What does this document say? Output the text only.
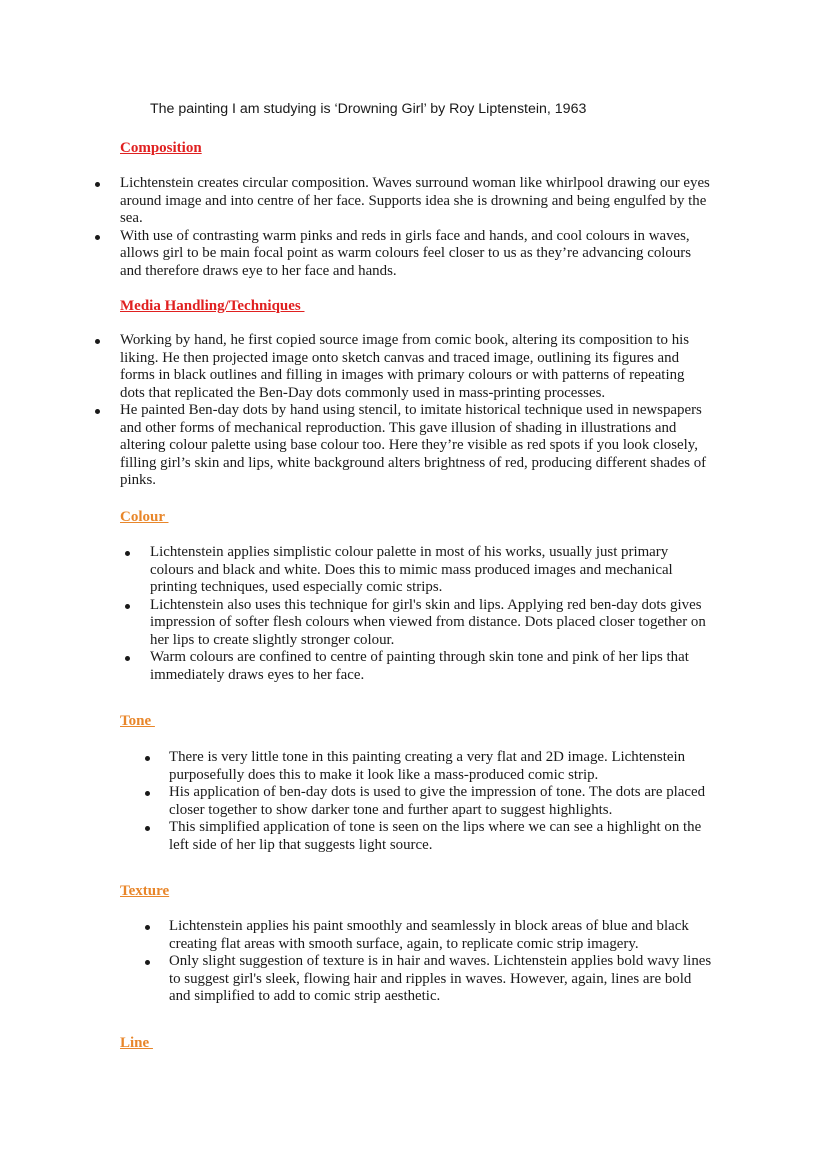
The painting I am studying is ‘Drowning Girl’ by Roy Liptenstein, 1963
Composition
Lichtenstein creates circular composition. Waves surround woman like whirlpool drawing our eyes around image and into centre of her face. Supports idea she is drowning and being engulfed by the sea.
With use of contrasting warm pinks and reds in girls face and hands, and cool colours in waves, allows girl to be main focal point as warm colours feel closer to us as they’re advancing colours and therefore draws eye to her face and hands.
Media Handling/Techniques
Working by hand, he first copied source image from comic book, altering its composition to his liking. He then projected image onto sketch canvas and traced image, outlining its figures and forms in black outlines and filling in images with primary colours or with patterns of repeating dots that replicated the Ben-Day dots commonly used in mass-printing processes.
He painted Ben-day dots by hand using stencil, to imitate historical technique used in newspapers and other forms of mechanical reproduction. This gave illusion of shading in illustrations and altering colour palette using base colour too. Here they’re visible as red spots if you look closely, filling girl’s skin and lips, white background alters brightness of red, producing different shades of pinks.
Colour
Lichtenstein applies simplistic colour palette in most of his works, usually just primary colours and black and white. Does this to mimic mass produced images and mechanical printing techniques, used especially comic strips.
Lichtenstein also uses this technique for girl's skin and lips. Applying red ben-day dots gives impression of softer flesh colours when viewed from distance. Dots placed closer together on her lips to create slightly stronger colour.
Warm colours are confined to centre of painting through skin tone and pink of her lips that immediately draws eyes to her face.
Tone
There is very little tone in this painting creating a very flat and 2D image. Lichtenstein purposefully does this to make it look like a mass-produced comic strip.
His application of ben-day dots is used to give the impression of tone. The dots are placed closer together to show darker tone and further apart to suggest highlights.
This simplified application of tone is seen on the lips where we can see a highlight on the left side of her lip that suggests light source.
Texture
Lichtenstein applies his paint smoothly and seamlessly in block areas of blue and black creating flat areas with smooth surface, again, to replicate comic strip imagery.
Only slight suggestion of texture is in hair and waves. Lichtenstein applies bold wavy lines to suggest girl's sleek, flowing hair and ripples in waves. However, again, lines are bold and simplified to add to comic strip aesthetic.
Line
